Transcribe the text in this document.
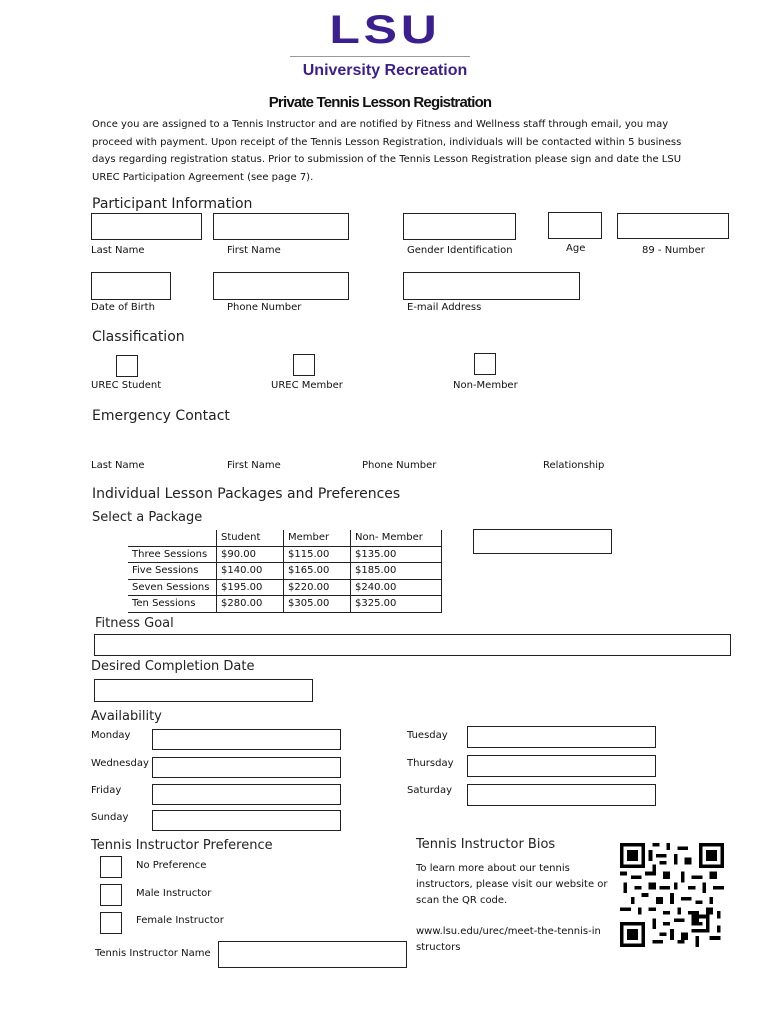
LSU
University Recreation
Private Tennis Lesson Registration
Once you are assigned to a Tennis Instructor and are notified by Fitness and Wellness staff through email, you may proceed with payment. Upon receipt of the Tennis Lesson Registration, individuals will be contacted within 5 business days regarding registration status. Prior to submission of the Tennis Lesson Registration please sign and date the LSU UREC Participation Agreement (see page 7).
Participant Information
Last Name	First Name	Gender Identification	Age	89 - Number
Date of Birth	Phone Number	E-mail Address
Classification
UREC Student	UREC Member	Non-Member
Emergency Contact
Last Name	First Name	Phone Number	Relationship
Individual Lesson Packages and Preferences
Select a Package
	Student	Member	Non- Member
Three Sessions	$90.00	$115.00	$135.00
Five Sessions	$140.00	$165.00	$185.00
Seven Sessions	$195.00	$220.00	$240.00
Ten Sessions	$280.00	$305.00	$325.00
Fitness Goal
Desired Completion Date
Availability
Monday	Tuesday
Wednesday	Thursday
Friday	Saturday
Sunday
Tennis Instructor Preference
No Preference
Male Instructor
Female Instructor
Tennis Instructor Name
Tennis Instructor Bios
To learn more about our tennis instructors, please visit our website or scan the QR code.
www.lsu.edu/urec/meet-the-tennis-instructors
